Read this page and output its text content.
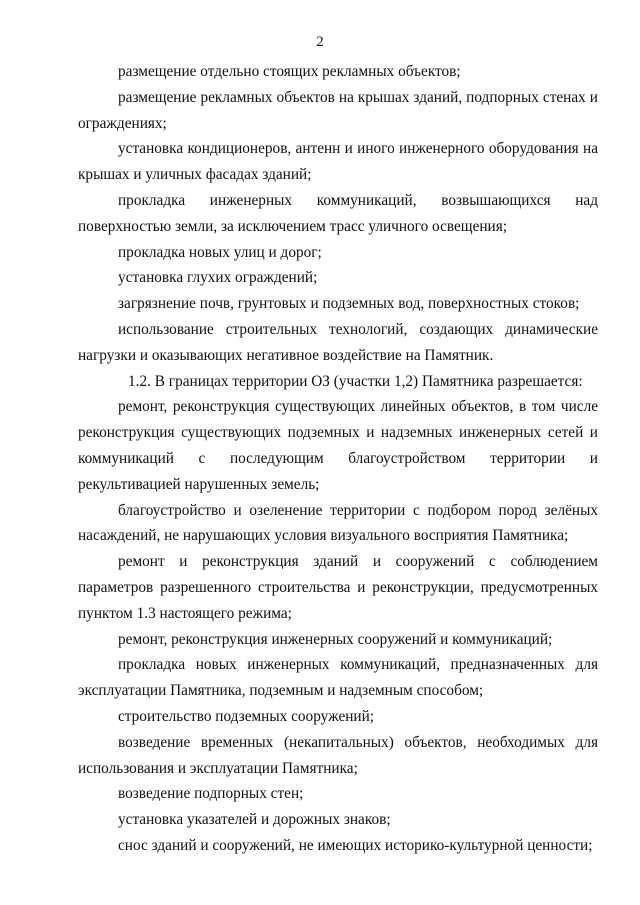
2

размещение отдельно стоящих рекламных объектов;

размещение рекламных объектов на крышах зданий, подпорных стенах и ограждениях;

установка кондиционеров, антенн и иного инженерного оборудования на крышах и уличных фасадах зданий;

прокладка инженерных коммуникаций, возвышающихся над поверхностью земли, за исключением трасс уличного освещения;

прокладка новых улиц и дорог;

установка глухих ограждений;

загрязнение почв, грунтовых и подземных вод, поверхностных стоков;

использование строительных технологий, создающих динамические нагрузки и оказывающих негативное воздействие на Памятник.

1.2. В границах территории ОЗ (участки 1,2) Памятника разрешается:

ремонт, реконструкция существующих линейных объектов, в том числе реконструкция существующих подземных и надземных инженерных сетей и коммуникаций с последующим благоустройством территории и рекультивацией нарушенных земель;

благоустройство и озеленение территории с подбором пород зелёных насаждений, не нарушающих условия визуального восприятия Памятника;

ремонт и реконструкция зданий и сооружений с соблюдением параметров разрешенного строительства и реконструкции, предусмотренных пунктом 1.3 настоящего режима;

ремонт, реконструкция инженерных сооружений и коммуникаций;

прокладка новых инженерных коммуникаций, предназначенных для эксплуатации Памятника, подземным и надземным способом;

строительство подземных сооружений;

возведение временных (некапитальных) объектов, необходимых для использования и эксплуатации Памятника;

возведение подпорных стен;

установка указателей и дорожных знаков;

снос зданий и сооружений, не имеющих историко-культурной ценности;
